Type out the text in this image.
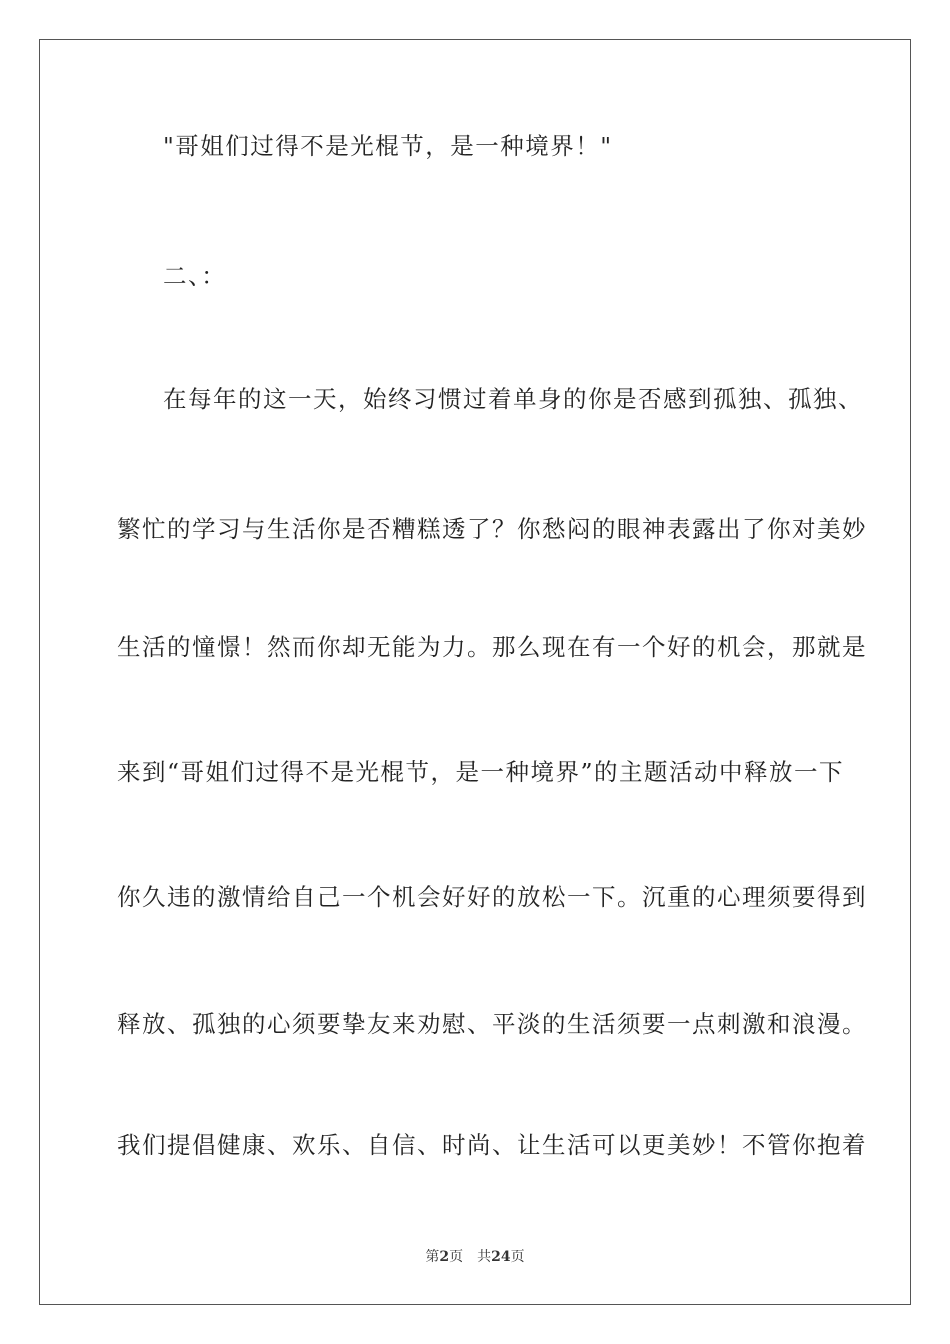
"哥姐们过得不是光棍节，是一种境界！"
二、：
在每年的这一天，始终习惯过着单身的你是否感到孤独、孤独、
繁忙的学习与生活你是否糟糕透了？你愁闷的眼神表露出了你对美妙
生活的憧憬！然而你却无能为力。那么现在有一个好的机会，那就是
来到“哥姐们过得不是光棍节，是一种境界”的主题活动中释放一下
你久违的激情给自己一个机会好好的放松一下。沉重的心理须要得到
释放、孤独的心须要挚友来劝慰、平淡的生活须要一点刺激和浪漫。
我们提倡健康、欢乐、自信、时尚、让生活可以更美妙！不管你抱着
第2页 共24页
